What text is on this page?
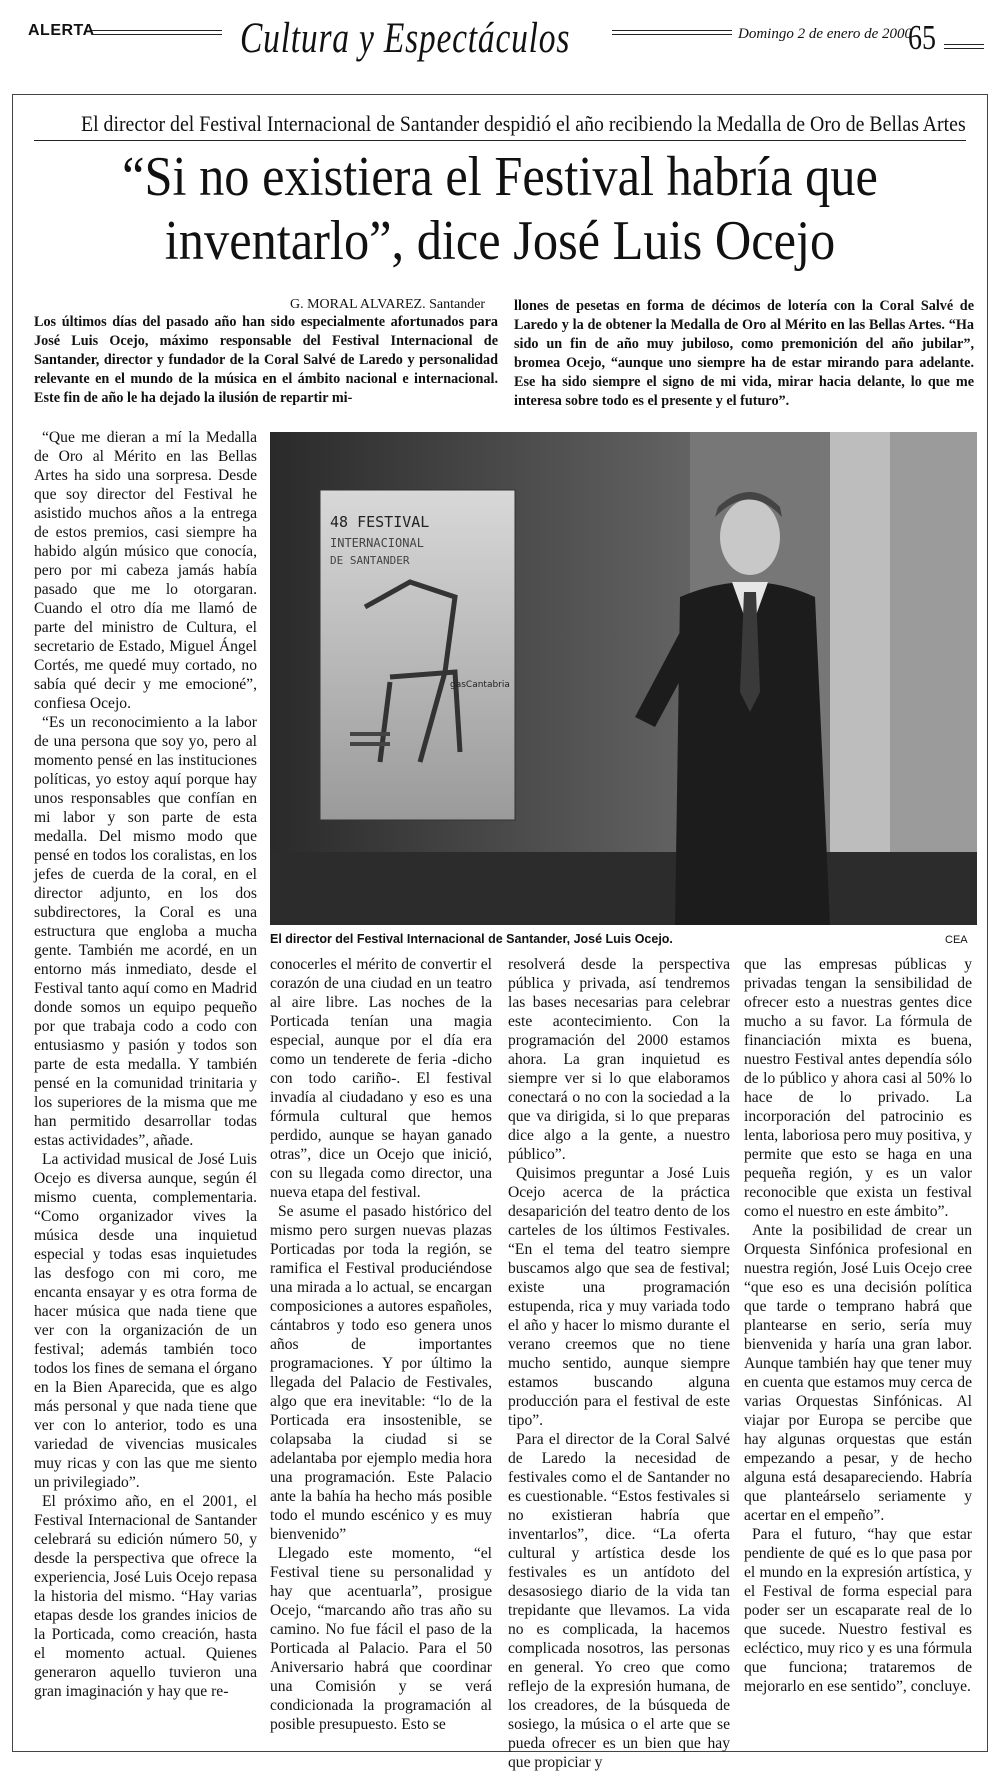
ALERTA	Cultura y Espectáculos	Domingo 2 de enero de 2000
65
El director del Festival Internacional de Santander despidió el año recibiendo la Medalla de Oro de Bellas Artes
“Si no existiera el Festival habría que
inventarlo”, dice José Luis Ocejo
G. MORAL ALVAREZ. Santander
Los últimos días del pasado año han sido especialmente afortunados para José Luis Ocejo, máximo responsable del Festival Internacional de Santander, director y fundador de la Coral Salvé de Laredo y personalidad relevante en el mundo de la música en el ámbito nacional e internacional. Este fin de año le ha dejado la ilusión de repartir mi-
llones de pesetas en forma de décimos de lotería con la Coral Salvé de Laredo y la de obtener la Medalla de Oro al Mérito en las Bellas Artes. “Ha sido un fin de año muy jubiloso, como premonición del año jubilar”, bromea Ocejo, “aunque uno siempre ha de estar mirando para adelante. Ese ha sido siempre el signo de mi vida, mirar hacia delante, lo que me interesa sobre todo es el presente y el futuro”.
48 FESTIVAL
INTERNACIONAL
DE SANTANDER
gasCantabria
El director del Festival Internacional de Santander, José Luis Ocejo.	CEA

“Que me dieran a mí la Medalla de Oro al Mérito en las Bellas Artes ha sido una sorpresa. Desde que soy director del Festival he asistido muchos años a la entrega de estos premios, casi siempre ha habido algún músico que conocía, pero por mi cabeza jamás había pasado que me lo otorgaran. Cuando el otro día me llamó de parte del ministro de Cultura, el secretario de Estado, Miguel Ángel Cortés, me quedé muy cortado, no sabía qué decir y me emocioné”, confiesa Ocejo.

“Es un reconocimiento a la labor de una persona que soy yo, pero al momento pensé en las instituciones políticas, yo estoy aquí porque hay unos responsables que confían en mi labor y son parte de esta medalla. Del mismo modo que pensé en todos los coralistas, en los jefes de cuerda de la coral, en el director adjunto, en los dos subdirectores, la Coral es una estructura que engloba a mucha gente. También me acordé, en un entorno más inmediato, desde el Festival tanto aquí como en Madrid donde somos un equipo pequeño por que trabaja codo a codo con entusiasmo y pasión y todos son parte de esta medalla. Y también pensé en la comunidad trinitaria y los superiores de la misma que me han permitido desarrollar todas estas actividades”, añade.

La actividad musical de José Luis Ocejo es diversa aunque, según él mismo cuenta, complementaria. “Como organizador vives la música desde una inquietud especial y todas esas inquietudes las desfogo con mi coro, me encanta ensayar y es otra forma de hacer música que nada tiene que ver con la organización de un festival; además también toco todos los fines de semana el órgano en la Bien Aparecida, que es algo más personal y que nada tiene que ver con lo anterior, todo es una variedad de vivencias musicales muy ricas y con las que me siento un privilegiado”.

El próximo año, en el 2001, el Festival Internacional de Santander celebrará su edición número 50, y desde la perspectiva que ofrece la experiencia, José Luis Ocejo repasa la historia del mismo. “Hay varias etapas desde los grandes inicios de la Porticada, como creación, hasta el momento actual. Quienes generaron aquello tuvieron una gran imaginación y hay que re-

conocerles el mérito de convertir el corazón de una ciudad en un teatro al aire libre. Las noches de la Porticada tenían una magia especial, aunque por el día era como un tenderete de feria -dicho con todo cariño-. El festival invadía al ciudadano y eso es una fórmula cultural que hemos perdido, aunque se hayan ganado otras”, dice un Ocejo que inició, con su llegada como director, una nueva etapa del festival.

Se asume el pasado histórico del mismo pero surgen nuevas plazas Porticadas por toda la región, se ramifica el Festival produciéndose una mirada a lo actual, se encargan composiciones a autores españoles, cántabros y todo eso genera unos años de importantes programaciones. Y por último la llegada del Palacio de Festivales, algo que era inevitable: “lo de la Porticada era insostenible, se colapsaba la ciudad si se adelantaba por ejemplo media hora una programación. Este Palacio ante la bahía ha hecho más posible todo el mundo escénico y es muy bienvenido”

Llegado este momento, “el Festival tiene su personalidad y hay que acentuarla”, prosigue Ocejo, “marcando año tras año su camino. No fue fácil el paso de la Porticada al Palacio. Para el 50 Aniversario habrá que coordinar una Comisión y se verá condicionada la programación al posible presupuesto. Esto se

resolverá desde la perspectiva pública y privada, así tendremos las bases necesarias para celebrar este acontecimiento. Con la programación del 2000 estamos ahora. La gran inquietud es siempre ver si lo que elaboramos conectará o no con la sociedad a la que va dirigida, si lo que preparas dice algo a la gente, a nuestro público”.

Quisimos preguntar a José Luis Ocejo acerca de la práctica desaparición del teatro dento de los carteles de los últimos Festivales. “En el tema del teatro siempre buscamos algo que sea de festival; existe una programación estupenda, rica y muy variada todo el año y hacer lo mismo durante el verano creemos que no tiene mucho sentido, aunque siempre estamos buscando alguna producción para el festival de este tipo”.

Para el director de la Coral Salvé de Laredo la necesidad de festivales como el de Santander no es cuestionable. “Estos festivales si no existieran habría que inventarlos”, dice. “La oferta cultural y artística desde los festivales es un antídoto del desasosiego diario de la vida tan trepidante que llevamos. La vida no es complicada, la hacemos complicada nosotros, las personas en general. Yo creo que como reflejo de la expresión humana, de los creadores, de la búsqueda de sosiego, la música o el arte que se pueda ofrecer es un bien que hay que propiciar y

que las empresas públicas y privadas tengan la sensibilidad de ofrecer esto a nuestras gentes dice mucho a su favor. La fórmula de financiación mixta es buena, nuestro Festival antes dependía sólo de lo público y ahora casi al 50% lo hace de lo privado. La incorporación del patrocinio es lenta, laboriosa pero muy positiva, y permite que esto se haga en una pequeña región, y es un valor reconocible que exista un festival como el nuestro en este ámbito”.

Ante la posibilidad de crear un Orquesta Sinfónica profesional en nuestra región, José Luis Ocejo cree “que eso es una decisión política que tarde o temprano habrá que plantearse en serio, sería muy bienvenida y haría una gran labor. Aunque también hay que tener muy en cuenta que estamos muy cerca de varias Orquestas Sinfónicas. Al viajar por Europa se percibe que hay algunas orquestas que están empezando a pesar, y de hecho alguna está desapareciendo. Habría que planteárselo seriamente y acertar en el empeño”.

Para el futuro, “hay que estar pendiente de qué es lo que pasa por el mundo en la expresión artística, y el Festival de forma especial para poder ser un escaparate real de lo que sucede. Nuestro festival es ecléctico, muy rico y es una fórmula que funciona; trataremos de mejorarlo en ese sentido”, concluye.
